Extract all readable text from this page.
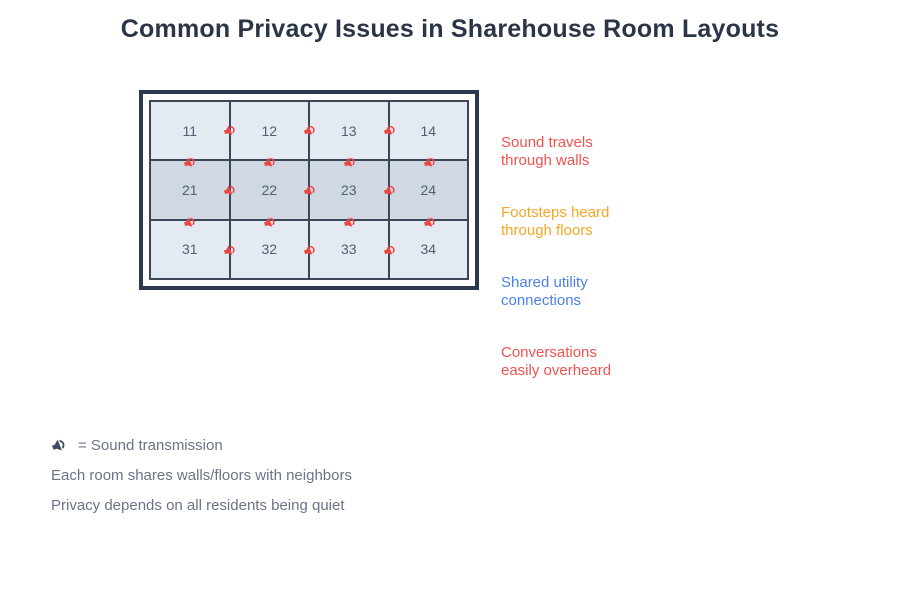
Common Privacy Issues in Sharehouse Room Layouts
11	12	13	14
21	22	23	24
31	32	33	34
Sound travels through walls
Footsteps heard through floors
Shared utility connections
Conversations easily overheard
= Sound transmission

Each room shares walls/floors with neighbors

Privacy depends on all residents being quiet
